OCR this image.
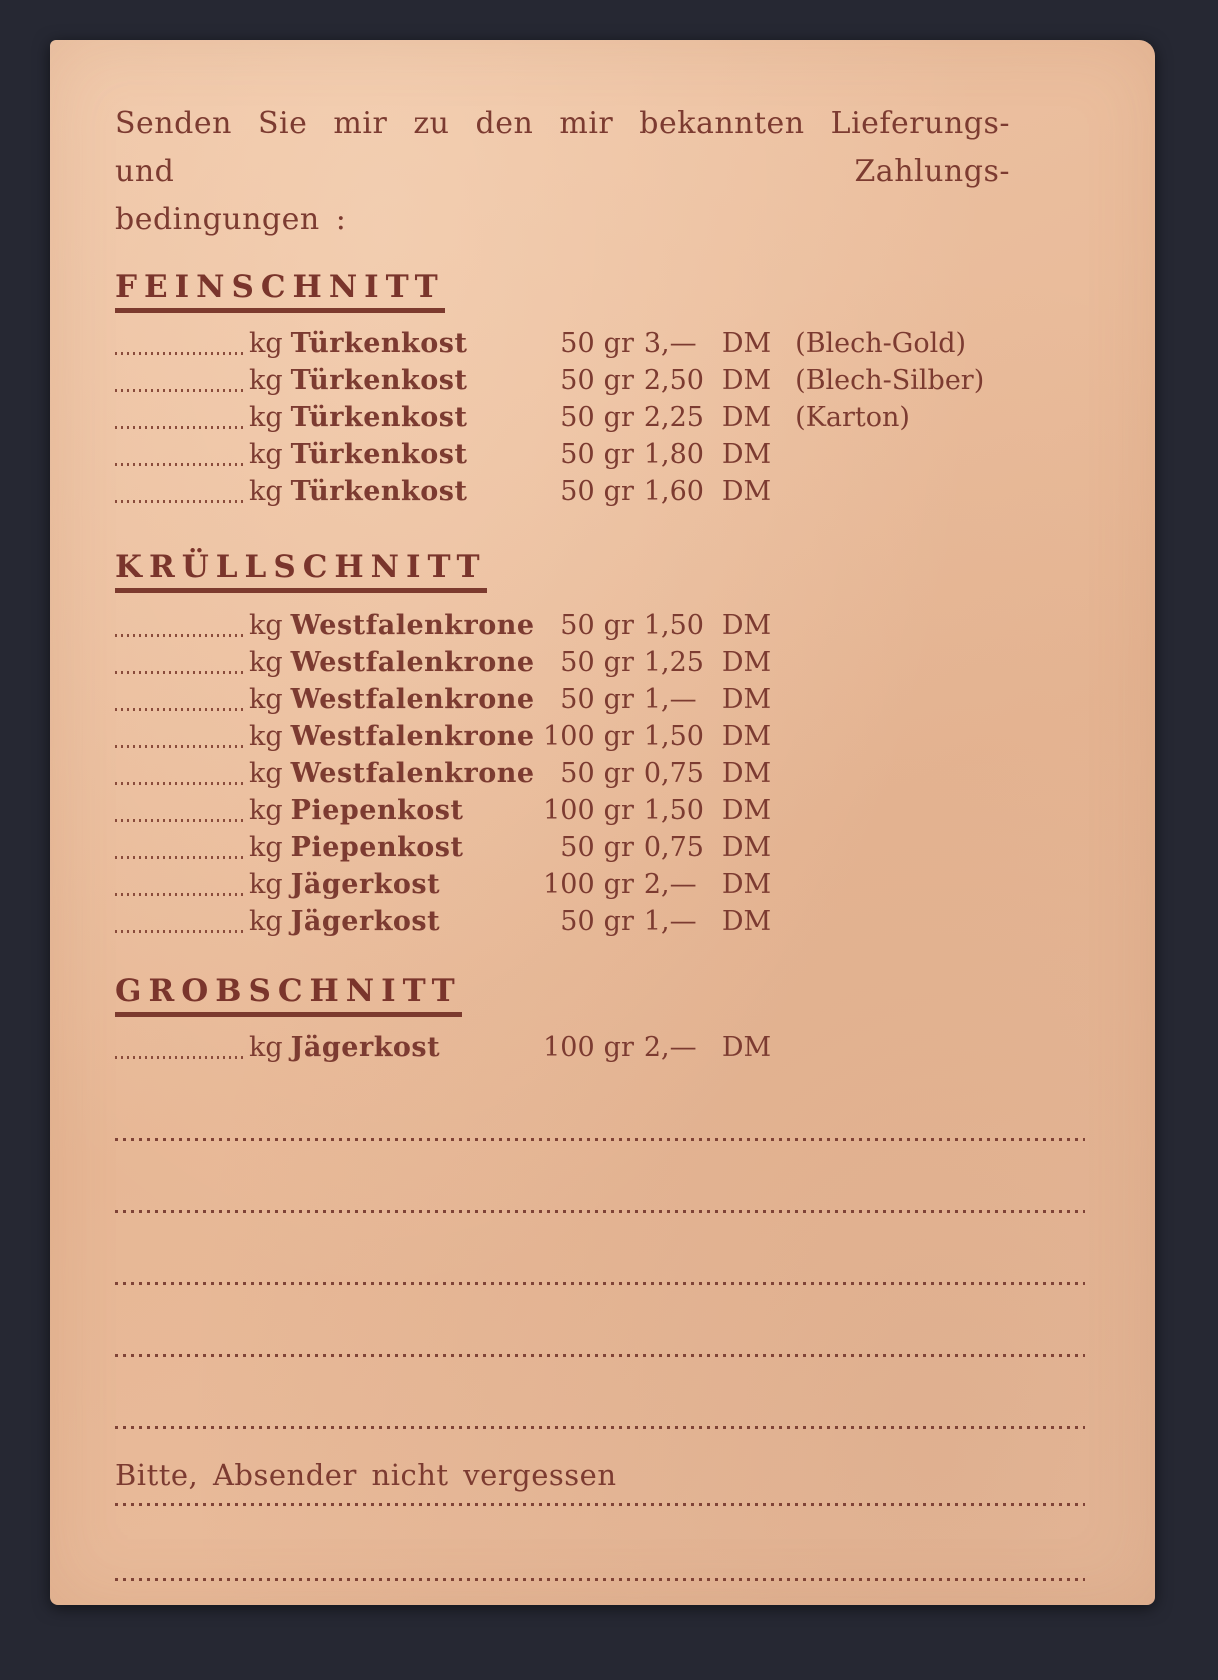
Senden Sie mir zu den mir bekannten Lieferungs- und Zahlungs-
bedingungen :
FEINSCHNITT
kg Türkenkost	50 gr 3,— DM (Blech-Gold)
kg Türkenkost	50 gr 2,50 DM (Blech-Silber)
kg Türkenkost	50 gr 2,25 DM (Karton)
kg Türkenkost	50 gr 1,80 DM
kg Türkenkost	50 gr 1,60 DM
KRÜLLSCHNITT
kg Westfalenkrone 50 gr 1,50 DM
kg Westfalenkrone 50 gr 1,25 DM
kg Westfalenkrone 50 gr 1,— DM
kg Westfalenkrone 100 gr 1,50 DM
kg Westfalenkrone 50 gr 0,75 DM
kg Piepenkost	100 gr 1,50 DM
kg Piepenkost	50 gr 0,75 DM
kg Jägerkost	100 gr 2,— DM
kg Jägerkost	50 gr 1,— DM
GROBSCHNITT
kg Jägerkost	100 gr 2,— DM
Bitte, Absender nicht vergessen
